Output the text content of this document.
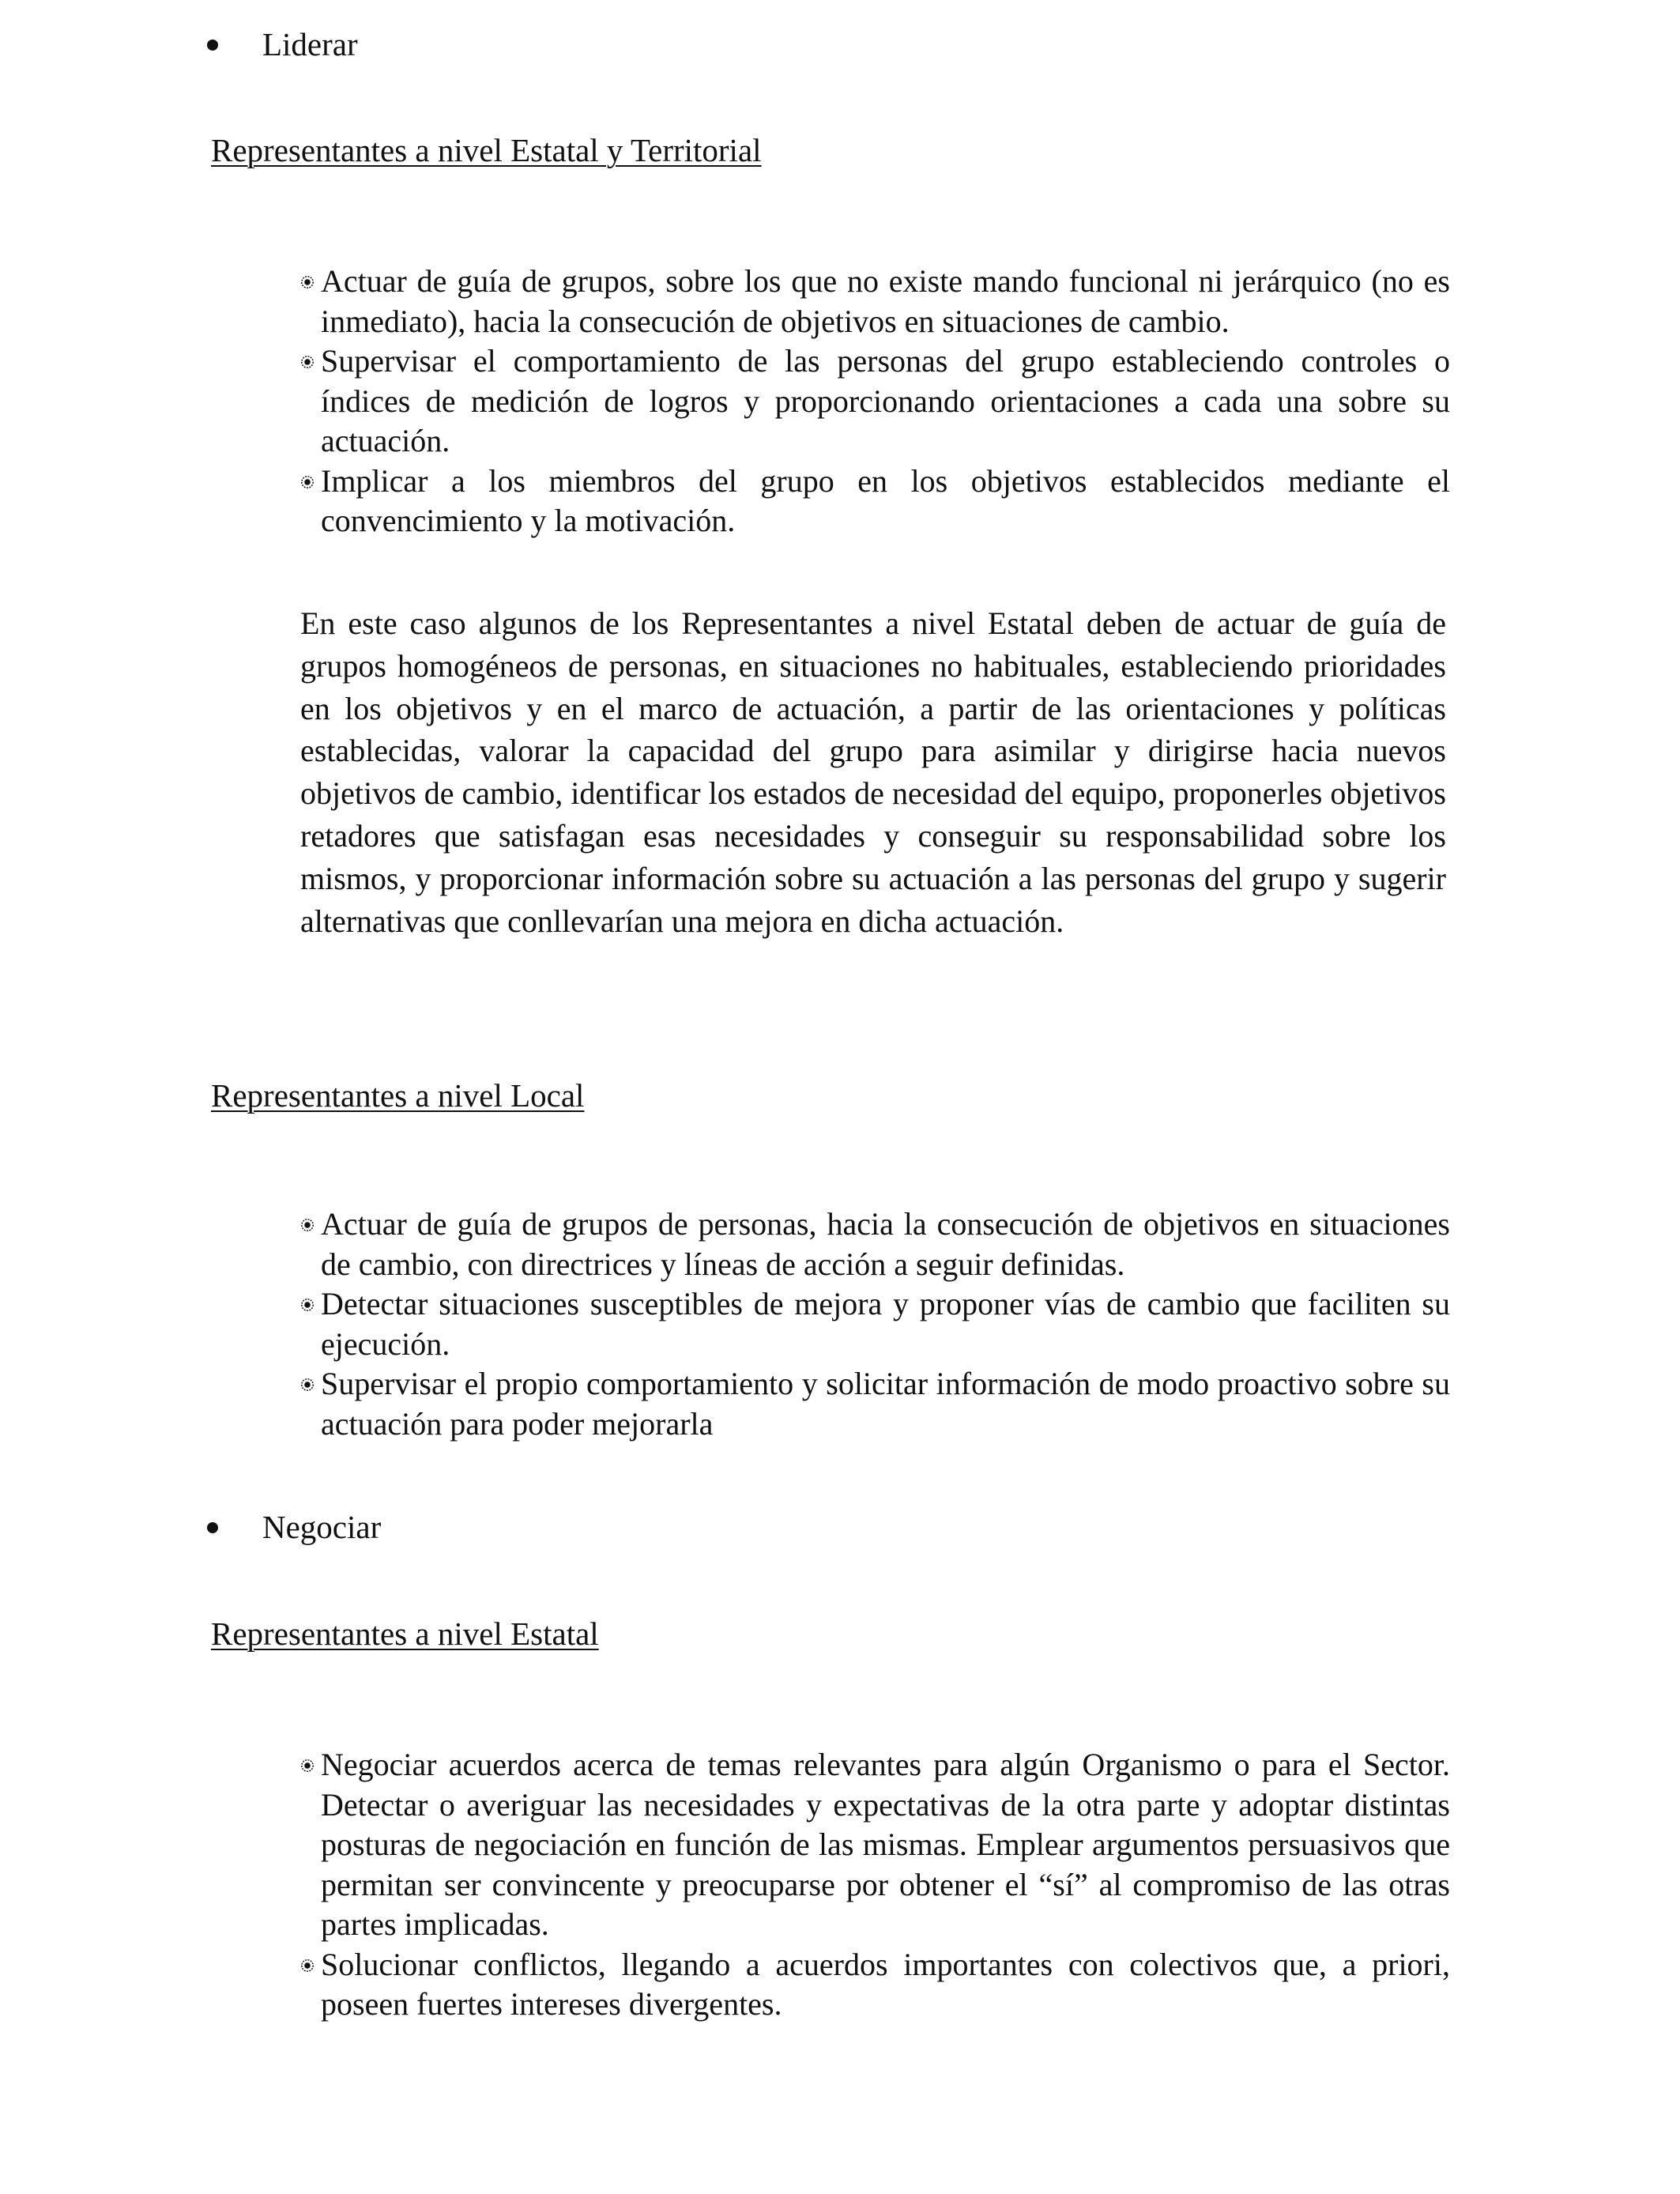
Liderar
Representantes a nivel Estatal y Territorial
Actuar de guía de grupos, sobre los que no existe mando funcional ni jerárquico (no es inmediato), hacia la consecución de objetivos en situaciones de cambio.
Supervisar el comportamiento de las personas del grupo estableciendo controles o índices de medición de logros y proporcionando orientaciones a cada una sobre su actuación.
Implicar a los miembros del grupo en los objetivos establecidos mediante el convencimiento y la motivación.

En este caso algunos de los Representantes a nivel Estatal deben de actuar de guía de grupos homogéneos de personas, en situaciones no habituales, estableciendo prioridades en los objetivos y en el marco de actuación, a partir de las orientaciones y políticas establecidas, valorar la capacidad del grupo para asimilar y dirigirse hacia nuevos objetivos de cambio, identificar los estados de necesidad del equipo, proponerles objetivos retadores que satisfagan esas necesidades y conseguir su responsabilidad sobre los mismos, y proporcionar información sobre su actuación a las personas del grupo y sugerir alternativas que conllevarían una mejora en dicha actuación.

Representantes a nivel Local
Actuar de guía de grupos de personas, hacia la consecución de objetivos en situaciones de cambio, con directrices y líneas de acción a seguir definidas.
Detectar situaciones susceptibles de mejora y proponer vías de cambio que faciliten su ejecución.
Supervisar el propio comportamiento y solicitar información de modo proactivo sobre su actuación para poder mejorarla
Negociar
Representantes a nivel Estatal
Negociar acuerdos acerca de temas relevantes para algún Organismo o para el Sector. Detectar o averiguar las necesidades y expectativas de la otra parte y adoptar distintas posturas de negociación en función de las mismas. Emplear argumentos persuasivos que permitan ser convincente y preocuparse por obtener el “sí” al compromiso de las otras partes implicadas.
Solucionar conflictos, llegando a acuerdos importantes con colectivos que, a priori, poseen fuertes intereses divergentes.
